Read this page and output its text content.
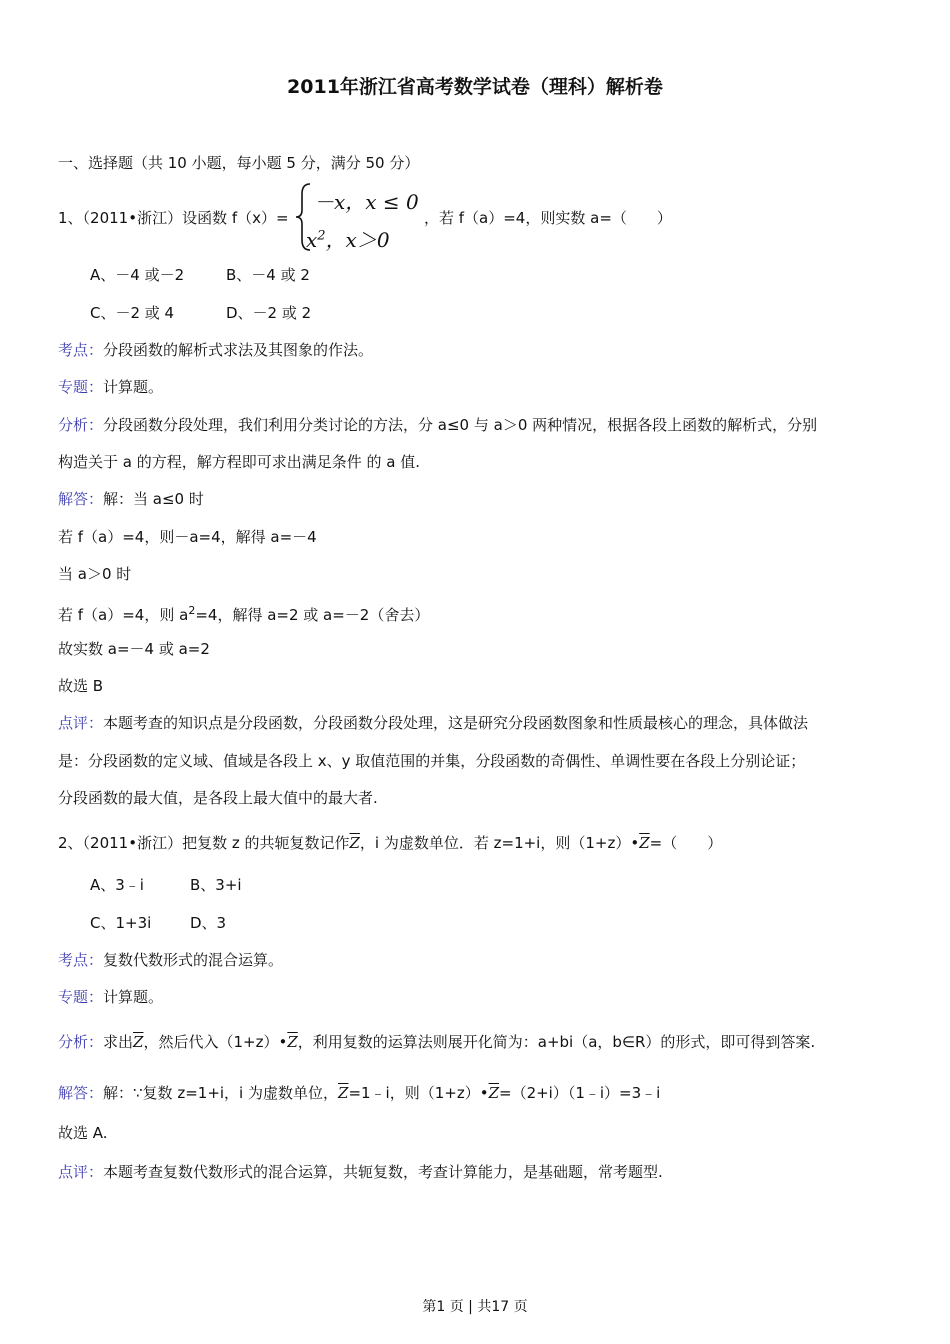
2011年浙江省高考数学试卷（理科）解析卷
一、选择题（共 10 小题，每小题 5 分，满分 50 分）
1、（2011•浙江）设函数 f（x）=
－x，x ≤ 0
$x^2$，x＞0
，若 f（a）=4，则实数 a=（　　）
A、－4 或－2	B、－4 或 2
C、－2 或 4	D、－2 或 2
考点：分段函数的解析式求法及其图象的作法。
专题：计算题。
分析：分段函数分段处理，我们利用分类讨论的方法，分 a≤0 与 a＞0 两种情况，根据各段上函数的解析式，分别
构造关于 a 的方程，解方程即可求出满足条件 的 a 值.
解答：解：当 a≤0 时
若 f（a）=4，则－a=4，解得 a=－4
当 a＞0 时
若 f（a）=4，则 $a^2=4$，解得 a=2 或 a=－2（舍去）
故实数 a=－4 或 a=2
故选 B
点评：本题考查的知识点是分段函数，分段函数分段处理，这是研究分段函数图象和性质最核心的理念，具体做法
是：分段函数的定义域、值域是各段上 x、y 取值范围的并集，分段函数的奇偶性、单调性要在各段上分别论证；
分段函数的最大值，是各段上最大值中的最大者.
2、（2011•浙江）把复数 z 的共轭复数记作$\overline{Z}$，i 为虚数单位．若 z=1+i，则$(1+z)•\overline{Z}=$（　　）
A、3﹣i	B、3+i
C、1+3i	D、3
考点：复数代数形式的混合运算。
专题：计算题。
分析：求出$\overline{Z}$，然后代入$(1+z)•\overline{Z}$，利用复数的运算法则展开化简为：a+bi（a，b∈R）的形式，即可得到答案.
解答：解：∵复数 z=1+i，i 为虚数单位，$\overline{Z}=1﹣i$，则$(1+z)•\overline{Z}=(2+i)(1﹣i)=3﹣i$
故选 A.
点评：本题考查复数代数形式的混合运算，共轭复数，考查计算能力，是基础题，常考题型.
第1 页 | 共17 页
